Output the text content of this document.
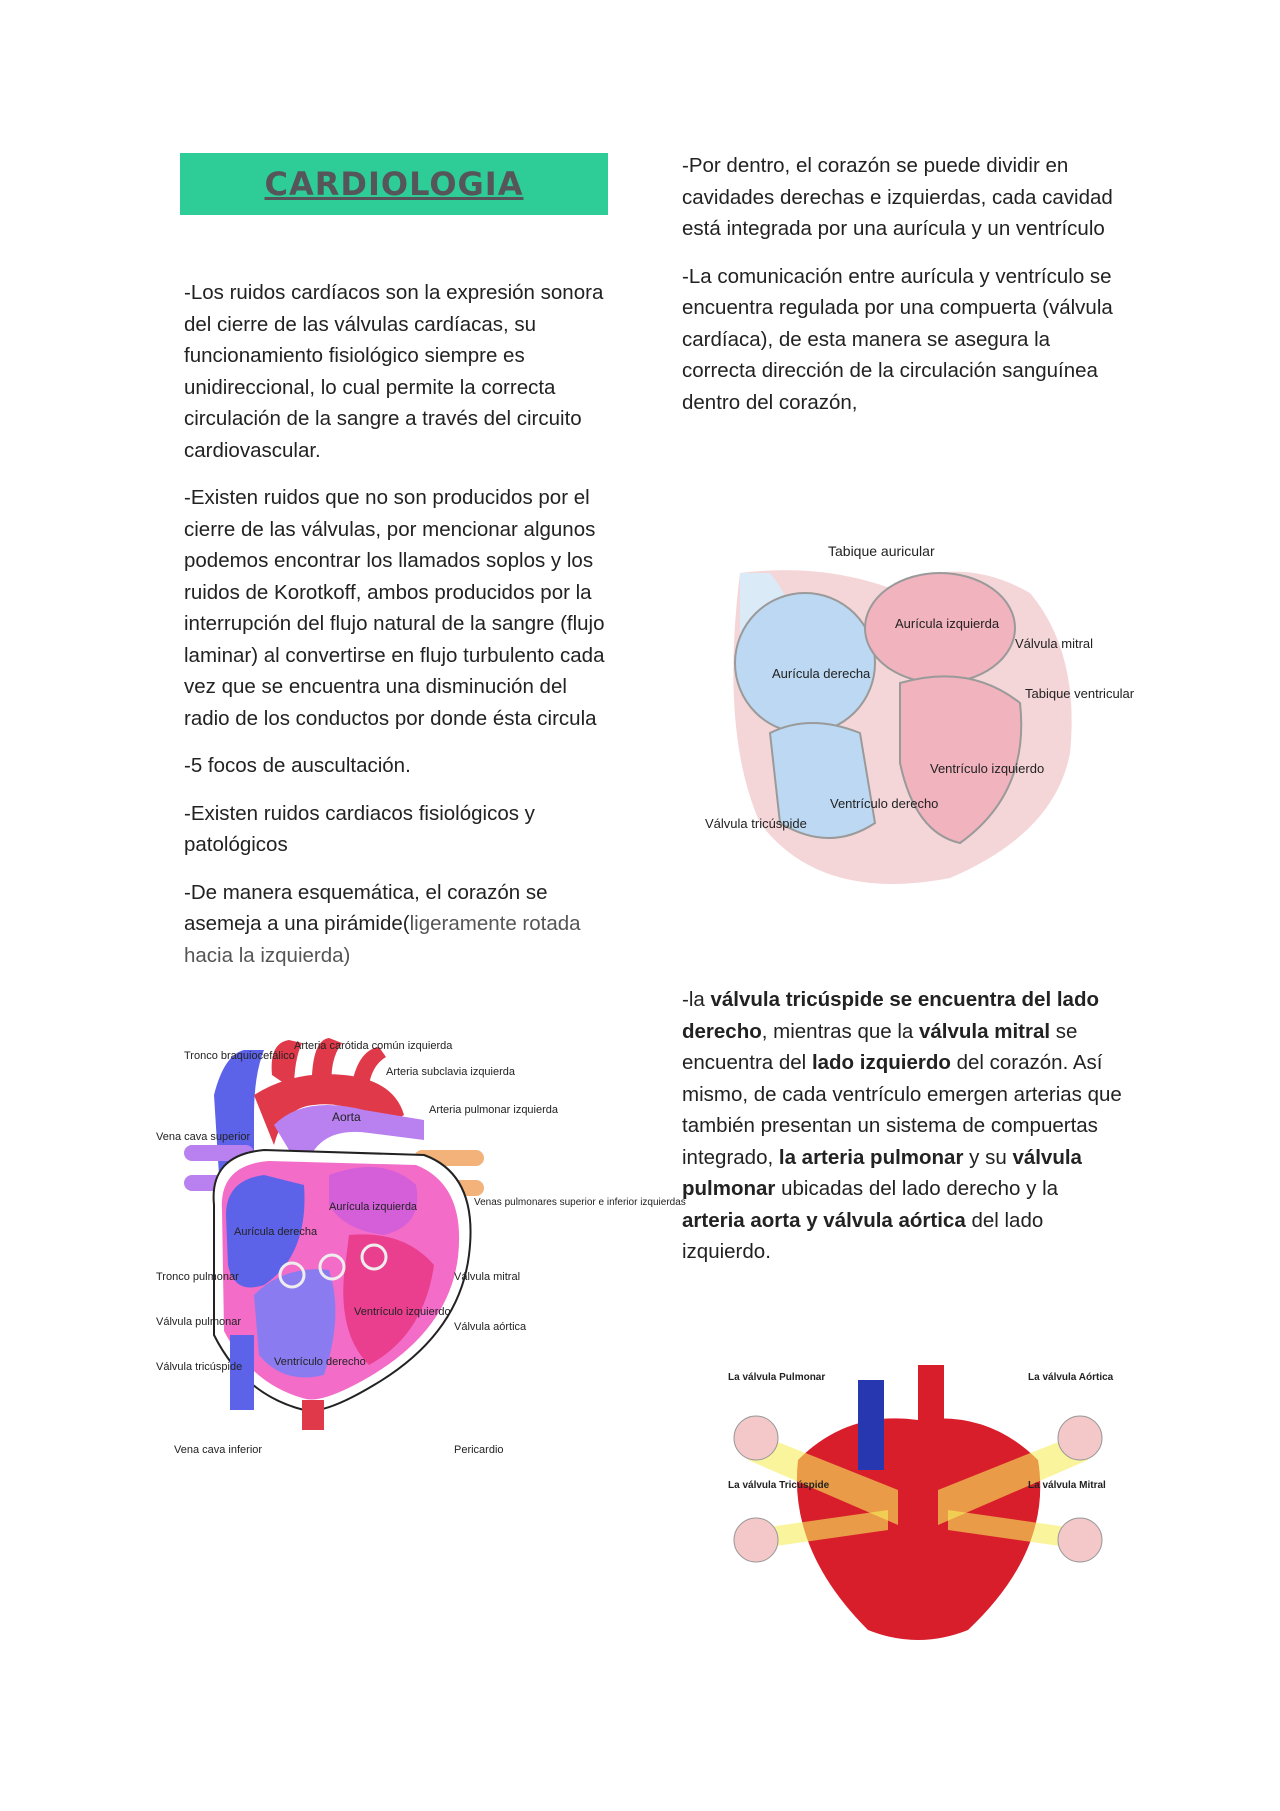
CARDIOLOGIA

-Los ruidos cardíacos son la expresión sonora del cierre de las válvulas cardíacas, su funcionamiento fisiológico siempre es unidireccional, lo cual permite la correcta circulación de la sangre a través del circuito cardiovascular.

-Existen ruidos que no son producidos por el cierre de las válvulas, por mencionar algunos podemos encontrar los llamados soplos y los ruidos de Korotkoff, ambos producidos por la interrupción del flujo natural de la sangre (flujo laminar) al convertirse en flujo turbulento cada vez que se encuentra una disminución del radio de los conductos por donde ésta circula

-5 focos de auscultación.

-Existen ruidos cardiacos fisiológicos y patológicos

-De manera esquemática, el corazón se asemeja a una pirámide(ligeramente rotada hacia la izquierda)

-Por dentro, el corazón se puede dividir en cavidades derechas e izquierdas, cada cavidad está integrada por una aurícula y un ventrículo

-La comunicación entre aurícula y ventrículo se encuentra regulada por una compuerta (válvula cardíaca), de esta manera se asegura la correcta dirección de la circulación sanguínea dentro del corazón,

-la válvula tricúspide se encuentra del lado derecho, mientras que la válvula mitral se encuentra del lado izquierdo del corazón. Así mismo, de cada ventrículo emergen arterias que también presentan un sistema de compuertas integrado, la arteria pulmonar y su válvula pulmonar ubicadas del lado derecho y la arteria aorta y válvula aórtica del lado izquierdo.

Tronco braquiocefálico
Arteria carótida común izquierda
Arteria subclavia izquierda
Vena cava superior
Aorta	Arteria pulmonar izquierda
Venas pulmonares superior e inferior izquierdas
Aurícula izquierda
Aurícula derecha
Tronco pulmonar	Válvula mitral
Válvula pulmonar
Ventrículo izquierdo
Válvula aórtica
Válvula tricúspide	Ventrículo derecho
Vena cava inferior	Pericardio
Tabique auricular
Aurícula izquierda
Válvula mitral
Aurícula derecha
Tabique ventricular
Ventrículo izquierdo
Ventrículo derecho
Válvula tricúspide
La válvula Pulmonar	La válvula Aórtica
La válvula Tricúspide	La válvula Mitral
